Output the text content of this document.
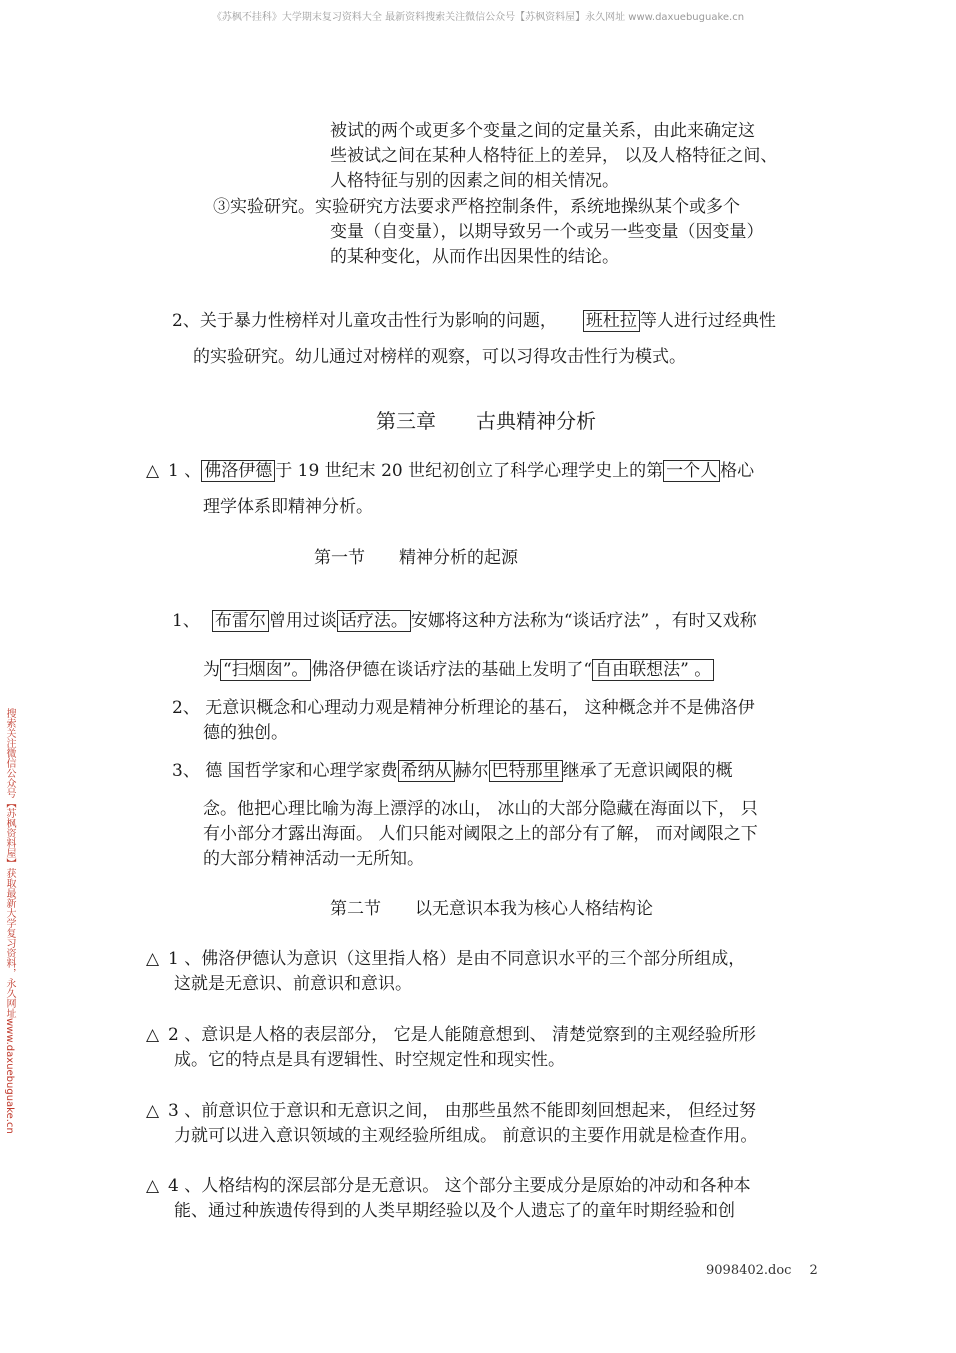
《苏枫不挂科》大学期末复习资料大全 最新资料搜索关注微信公众号【苏枫资料屋】永久网址 www.daxuebuguake.cn
搜索关注微信公众号【苏枫资料屋】获取最新大学复习资料，永久网址www.daxuebuguake.cn
被试的两个或更多个变量之间的定量关系，由此来确定这
些被试之间在某种人格特征上的差异， 以及人格特征之间、
人格特征与别的因素之间的相关情况。
③实验研究。实验研究方法要求严格控制条件，系统地操纵某个或多个
变量（自变量），以期导致另一个或另一些变量（因变量）
的某种变化，从而作出因果性的结论。
2、关于暴力性榜样对儿童攻击性行为影响的问题， 班杜拉 等人进行过经典性
的实验研究。幼儿通过对榜样的观察，可以习得攻击性行为模式。
第三章 古典精神分析
△ 1 、 佛洛伊德 于 19 世纪末 20 世纪初创立了科学心理学史上的第 一个人 格心
理学体系即精神分析。
第一节 精神分析的起源
1、 布雷尔 曾用过谈 话疗法。 安娜将这种方法称为“谈话疗法” ，有时又戏称
为 “扫烟囱”。 佛洛伊德在谈话疗法的基础上发明了“ 自由联想法” 。
2、 无意识概念和心理动力观是精神分析理论的基石， 这种概念并不是佛洛伊
德的独创。
3、 德 国哲学家和心理学家费 希纳从 赫尔 巴特那里 继承了无意识阈限的概
念。他把心理比喻为海上漂浮的冰山， 冰山的大部分隐藏在海面以下， 只
有小部分才露出海面。 人们只能对阈限之上的部分有了解， 而对阈限之下
的大部分精神活动一无所知。
第二节 以无意识本我为核心人格结构论
△ 1 、佛洛伊德认为意识（这里指人格）是由不同意识水平的三个部分所组成，
这就是无意识、前意识和意识。
△ 2 、意识是人格的表层部分， 它是人能随意想到、 清楚觉察到的主观经验所形
成。它的特点是具有逻辑性、时空规定性和现实性。
△ 3 、前意识位于意识和无意识之间， 由那些虽然不能即刻回想起来， 但经过努
力就可以进入意识领域的主观经验所组成。 前意识的主要作用就是检查作用。
△ 4 、人格结构的深层部分是无意识。 这个部分主要成分是原始的冲动和各种本
能、通过种族遗传得到的人类早期经验以及个人遗忘了的童年时期经验和创
9098402.doc 2
